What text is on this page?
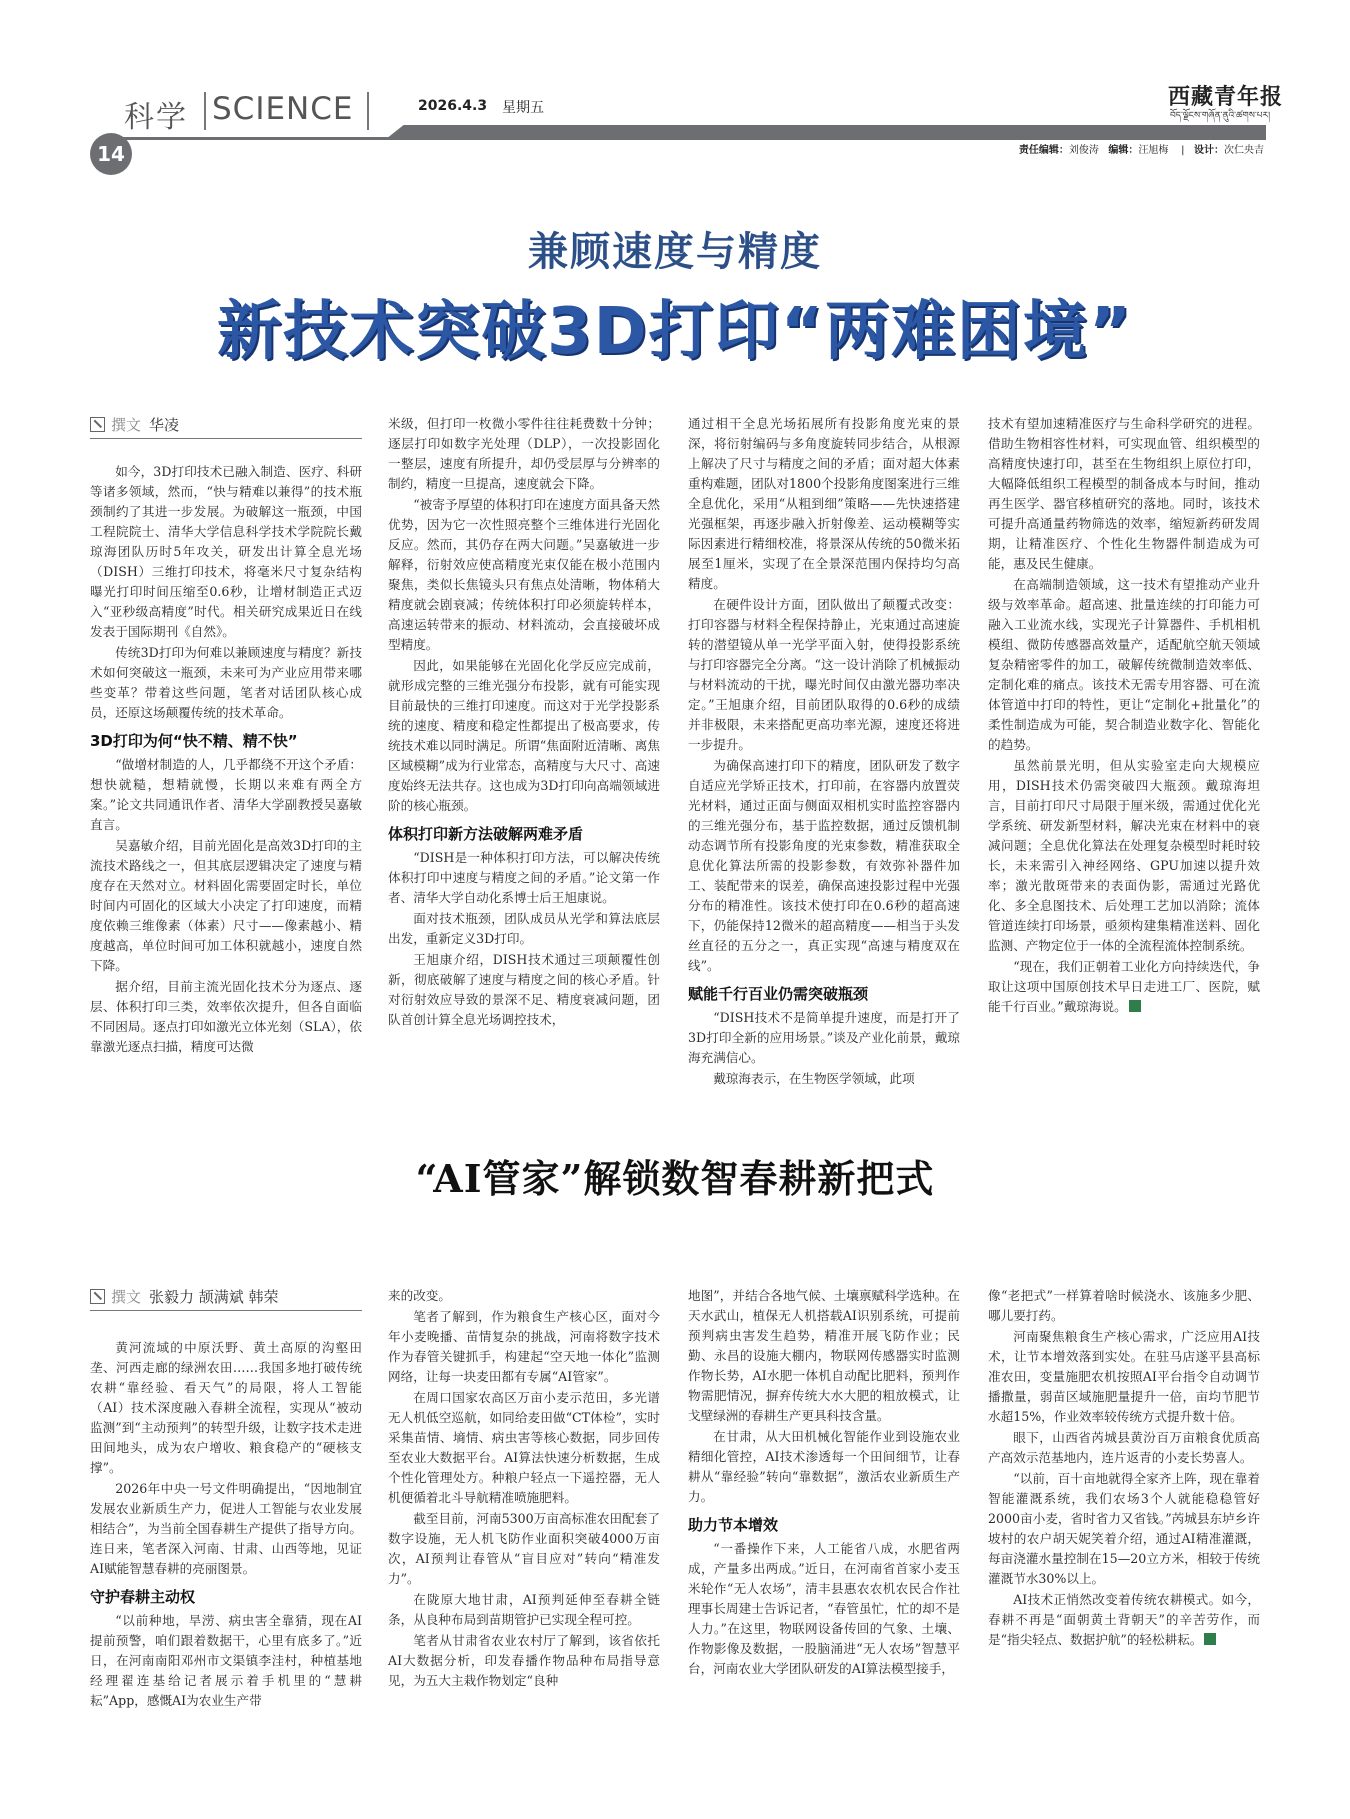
科学 SCIENCE	2026.4.3 星期五
14
西藏青年报
བོད་ལྗོངས་གཞོན་ནུའི་ཚགས་པར།
责任编辑：刘俊涛 编辑：汪旭梅    |   设计：次仁央吉
兼顾速度与精度
新技术突破3D打印“两难困境”
撰文 华凌

如今，3D打印技术已融入制造、医疗、科研等诸多领域，然而，“快与精难以兼得”的技术瓶颈制约了其进一步发展。为破解这一瓶颈，中国工程院院士、清华大学信息科学技术学院院长戴琼海团队历时5年攻关，研发出计算全息光场（DISH）三维打印技术，将毫米尺寸复杂结构曝光打印时间压缩至0.6秒，让增材制造正式迈入“亚秒级高精度”时代。相关研究成果近日在线发表于国际期刊《自然》。

传统3D打印为何难以兼顾速度与精度？新技术如何突破这一瓶颈，未来可为产业应用带来哪些变革？带着这些问题，笔者对话团队核心成员，还原这场颠覆传统的技术革命。

3D打印为何“快不精、精不快”

“做增材制造的人，几乎都绕不开这个矛盾：想快就糙，想精就慢，长期以来难有两全方案。”论文共同通讯作者、清华大学副教授吴嘉敏直言。

吴嘉敏介绍，目前光固化是高效3D打印的主流技术路线之一，但其底层逻辑决定了速度与精度存在天然对立。材料固化需要固定时长，单位时间内可固化的区域大小决定了打印速度，而精度依赖三维像素（体素）尺寸——像素越小、精度越高，单位时间可加工体积就越小，速度自然下降。

据介绍，目前主流光固化技术分为逐点、逐层、体积打印三类，效率依次提升，但各自面临不同困局。逐点打印如激光立体光刻（SLA），依靠激光逐点扫描，精度可达微

米级，但打印一枚微小零件往往耗费数十分钟；逐层打印如数字光处理（DLP），一次投影固化一整层，速度有所提升，却仍受层厚与分辨率的制约，精度一旦提高，速度就会下降。

“被寄予厚望的体积打印在速度方面具备天然优势，因为它一次性照亮整个三维体进行光固化反应。然而，其仍存在两大问题。”吴嘉敏进一步解释，衍射效应使高精度光束仅能在极小范围内聚焦，类似长焦镜头只有焦点处清晰，物体稍大精度就会剧衰减；传统体积打印必须旋转样本，高速运转带来的振动、材料流动，会直接破坏成型精度。

因此，如果能够在光固化化学反应完成前，就形成完整的三维光强分布投影，就有可能实现目前最快的三维打印速度。而这对于光学投影系统的速度、精度和稳定性都提出了极高要求，传统技术难以同时满足。所谓“焦面附近清晰、离焦区域模糊”成为行业常态，高精度与大尺寸、高速度始终无法共存。这也成为3D打印向高端领域进阶的核心瓶颈。

体积打印新方法破解两难矛盾

“DISH是一种体积打印方法，可以解决传统体积打印中速度与精度之间的矛盾。”论文第一作者、清华大学自动化系博士后王旭康说。

面对技术瓶颈，团队成员从光学和算法底层出发，重新定义3D打印。

王旭康介绍，DISH技术通过三项颠覆性创新，彻底破解了速度与精度之间的核心矛盾。针对衍射效应导致的景深不足、精度衰减问题，团队首创计算全息光场调控技术，

通过相干全息光场拓展所有投影角度光束的景深，将衍射编码与多角度旋转同步结合，从根源上解决了尺寸与精度之间的矛盾；面对超大体素重构难题，团队对1800个投影角度图案进行三维全息优化，采用“从粗到细”策略——先快速搭建光强框架，再逐步融入折射像差、运动模糊等实际因素进行精细校准，将景深从传统的50微米拓展至1厘米，实现了在全景深范围内保持均匀高精度。

在硬件设计方面，团队做出了颠覆式改变：打印容器与材料全程保持静止，光束通过高速旋转的潜望镜从单一光学平面入射，使得投影系统与打印容器完全分离。“这一设计消除了机械振动与材料流动的干扰，曝光时间仅由激光器功率决定。”王旭康介绍，目前团队取得的0.6秒的成绩并非极限，未来搭配更高功率光源，速度还将进一步提升。

为确保高速打印下的精度，团队研发了数字自适应光学矫正技术，打印前，在容器内放置荧光材料，通过正面与侧面双相机实时监控容器内的三维光强分布，基于监控数据，通过反馈机制动态调节所有投影角度的光束参数，精准获取全息优化算法所需的投影参数，有效弥补器件加工、装配带来的误差，确保高速投影过程中光强分布的精准性。该技术使打印在0.6秒的超高速下，仍能保持12微米的超高精度——相当于头发丝直径的五分之一，真正实现“高速与精度双在线”。

赋能千行百业仍需突破瓶颈

“DISH技术不是简单提升速度，而是打开了3D打印全新的应用场景。”谈及产业化前景，戴琼海充满信心。

戴琼海表示，在生物医学领域，此项

技术有望加速精准医疗与生命科学研究的进程。借助生物相容性材料，可实现血管、组织模型的高精度快速打印，甚至在生物组织上原位打印，大幅降低组织工程模型的制备成本与时间，推动再生医学、器官移植研究的落地。同时，该技术可提升高通量药物筛选的效率，缩短新药研发周期，让精准医疗、个性化生物器件制造成为可能，惠及民生健康。

在高端制造领域，这一技术有望推动产业升级与效率革命。超高速、批量连续的打印能力可融入工业流水线，实现光子计算器件、手机相机模组、微防传感器高效量产，适配航空航天领域复杂精密零件的加工，破解传统微制造效率低、定制化难的痛点。该技术无需专用容器、可在流体管道中打印的特性，更让“定制化+批量化”的柔性制造成为可能，契合制造业数字化、智能化的趋势。

虽然前景光明，但从实验室走向大规模应用，DISH技术仍需突破四大瓶颈。戴琼海坦言，目前打印尺寸局限于厘米级，需通过优化光学系统、研发新型材料，解决光束在材料中的衰减问题；全息优化算法在处理复杂模型时耗时较长，未来需引入神经网络、GPU加速以提升效率；激光散斑带来的表面伪影，需通过光路优化、多全息图技术、后处理工艺加以消除；流体管道连续打印场景，亟须构建集精准送料、固化监测、产物定位于一体的全流程流体控制系统。

“现在，我们正朝着工业化方向持续迭代，争取让这项中国原创技术早日走进工厂、医院，赋能千行百业。”戴琼海说。

“AI管家”解锁数智春耕新把式
撰文 张毅力 颉满斌 韩荣

黄河流域的中原沃野、黄土高原的沟壑田垄、河西走廊的绿洲农田……我国多地打破传统农耕“靠经验、看天气”的局限，将人工智能（AI）技术深度融入春耕全流程，实现从“被动监测”到“主动预判”的转型升级，让数字技术走进田间地头，成为农户增收、粮食稳产的“硬核支撑”。

2026年中央一号文件明确提出，“因地制宜发展农业新质生产力，促进人工智能与农业发展相结合”，为当前全国春耕生产提供了指导方向。连日来，笔者深入河南、甘肃、山西等地，见证AI赋能智慧春耕的亮丽图景。

守护春耕主动权

“以前种地，旱涝、病虫害全靠猜，现在AI提前预警，咱们跟着数据干，心里有底多了。”近日，在河南南阳邓州市文渠镇李洼村，种植基地经理翟连基给记者展示着手机里的“慧耕耘”App，感慨AI为农业生产带

来的改变。

笔者了解到，作为粮食生产核心区，面对今年小麦晚播、苗情复杂的挑战，河南将数字技术作为春管关键抓手，构建起“空天地一体化”监测网络，让每一块麦田都有专属“AI管家”。

在周口国家农高区万亩小麦示范田，多光谱无人机低空巡航，如同给麦田做“CT体检”，实时采集苗情、墒情、病虫害等核心数据，同步回传至农业大数据平台。AI算法快速分析数据，生成个性化管理处方。种粮户轻点一下遥控器，无人机便循着北斗导航精准喷施肥料。

截至目前，河南5300万亩高标准农田配套了数字设施，无人机飞防作业面积突破4000万亩次，AI预判让春管从“盲目应对”转向“精准发力”。

在陇原大地甘肃，AI预判延伸至春耕全链条，从良种布局到苗期管护已实现全程可控。

笔者从甘肃省农业农村厅了解到，该省依托AI大数据分析，印发春播作物品种布局指导意见，为五大主栽作物划定“良种

地图”，并结合各地气候、土壤禀赋科学选种。在天水武山，植保无人机搭载AI识别系统，可提前预判病虫害发生趋势，精准开展飞防作业；民勤、永昌的设施大棚内，物联网传感器实时监测作物长势，AI水肥一体机自动配比肥料，预判作物需肥情况，摒弃传统大水大肥的粗放模式，让戈壁绿洲的春耕生产更具科技含量。

在甘肃，从大田机械化智能作业到设施农业精细化管控，AI技术渗透每一个田间细节，让春耕从“靠经验”转向“靠数据”，激活农业新质生产力。

助力节本增效

“一番操作下来，人工能省八成，水肥省两成，产量多出两成。”近日，在河南省首家小麦玉米轮作“无人农场”，清丰县惠农农机农民合作社理事长周建士告诉记者，“春管虽忙，忙的却不是人力。”在这里，物联网设备传回的气象、土壤、作物影像及数据，一股脑涌进“无人农场”智慧平台，河南农业大学团队研发的AI算法模型接手，

像“老把式”一样算着啥时候浇水、该施多少肥、哪儿要打药。

河南聚焦粮食生产核心需求，广泛应用AI技术，让节本增效落到实处。在驻马店遂平县高标准农田，变量施肥农机按照AI平台指令自动调节播撒量，弱苗区域施肥量提升一倍，亩均节肥节水超15%，作业效率较传统方式提升数十倍。

眼下，山西省芮城县黄汾百万亩粮食优质高产高效示范基地内，连片返青的小麦长势喜人。

“以前，百十亩地就得全家齐上阵，现在靠着智能灌溉系统，我们农场3个人就能稳稳管好2000亩小麦，省时省力又省钱。”芮城县东垆乡许坡村的农户胡天妮笑着介绍，通过AI精准灌溉，每亩浇灌水量控制在15—20立方米，相较于传统灌溉节水30%以上。

AI技术正悄然改变着传统农耕模式。如今，春耕不再是“面朝黄土背朝天”的辛苦劳作，而是“指尖轻点、数据护航”的轻松耕耘。
